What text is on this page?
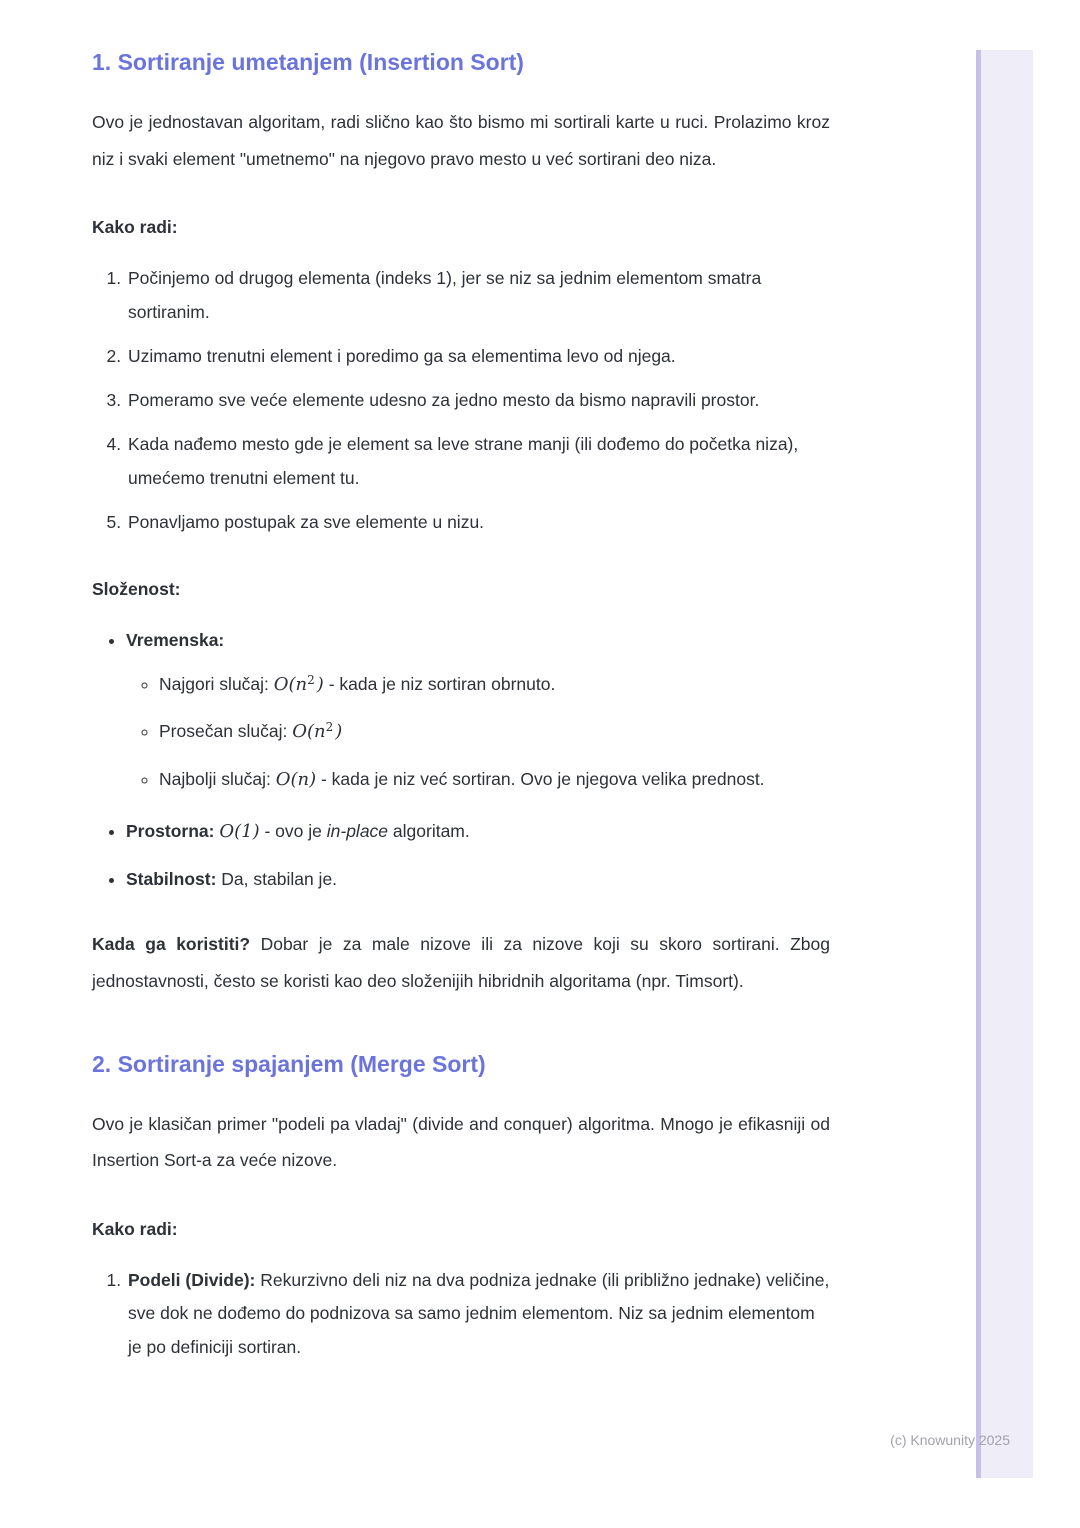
1. Sortiranje umetanjem (Insertion Sort)

Ovo je jednostavan algoritam, radi slično kao što bismo mi sortirali karte u ruci. Prolazimo kroz niz i svaki element "umetnemo" na njegovo pravo mesto u već sortirani deo niza.

Kako radi:

1. Počinjemo od drugog elementa (indeks 1), jer se niz sa jednim elementom smatra sortiranim.
2. Uzimamo trenutni element i poredimo ga sa elementima levo od njega.
3. Pomeramo sve veće elemente udesno za jedno mesto da bismo napravili prostor.
4. Kada nađemo mesto gde je element sa leve strane manji (ili dođemo do početka niza), umećemo trenutni element tu.
5. Ponavljamo postupak za sve elemente u nizu.

Složenost:

• Vremenska:
◦ Najgori slučaj: $O(n^2$ ) - kada je niz sortiran obrnuto.
◦ Prosečan slučaj: $O(n^2$ )
◦ Najbolji slučaj: O(n) - kada je niz već sortiran. Ovo je njegova velika prednost.
• Prostorna: O(1) - ovo je in-place algoritam.
• Stabilnost: Da, stabilan je.

Kada ga koristiti? Dobar je za male nizove ili za nizove koji su skoro sortirani. Zbog jednostavnosti, često se koristi kao deo složenijih hibridnih algoritama (npr. Timsort).

2. Sortiranje spajanjem (Merge Sort)

Ovo je klasičan primer "podeli pa vladaj" (divide and conquer) algoritma. Mnogo je efikasniji od Insertion Sort-a za veće nizove.

Kako radi:

1. Podeli (Divide): Rekurzivno deli niz na dva podniza jednake (ili približno jednake) veličine, sve dok ne dođemo do podnizova sa samo jednim elementom. Niz sa jednim elementom je po definiciji sortiran.
(c) Knowunity 2025
